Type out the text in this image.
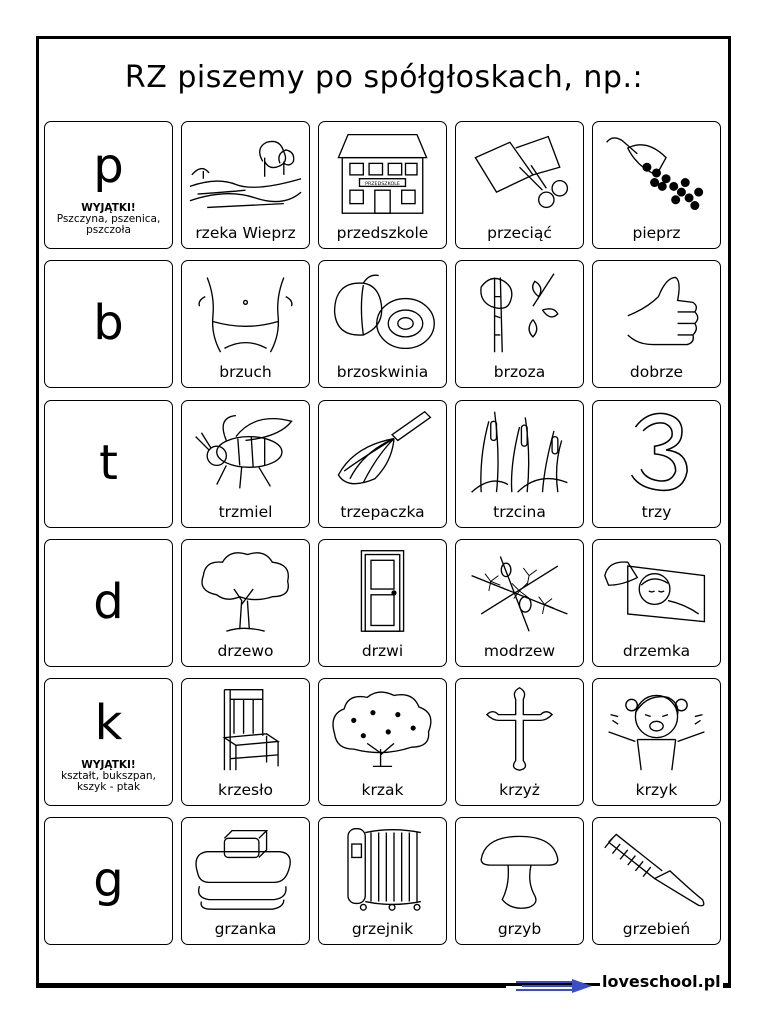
RZ piszemy po spółgłoskach, np.:
p
WYJĄTKI!
Pszczyna, pszenica,
pszczoła	rzeka Wieprz
PRZEDSZKOLE
przedszkole	przeciąć	pieprz
b
brzuch	brzoskwinia	brzoza	dobrze
t
trzmiel	trzepaczka	trzcina	trzy
d
drzewo	drzwi	modrzew	drzemka
k
WYJĄTKI!
kształt, bukszpan,
kszyk - ptak	krzesło	krzak	krzyż	krzyk
g
grzanka	grzejnik	grzyb	grzebień
loveschool.pl
